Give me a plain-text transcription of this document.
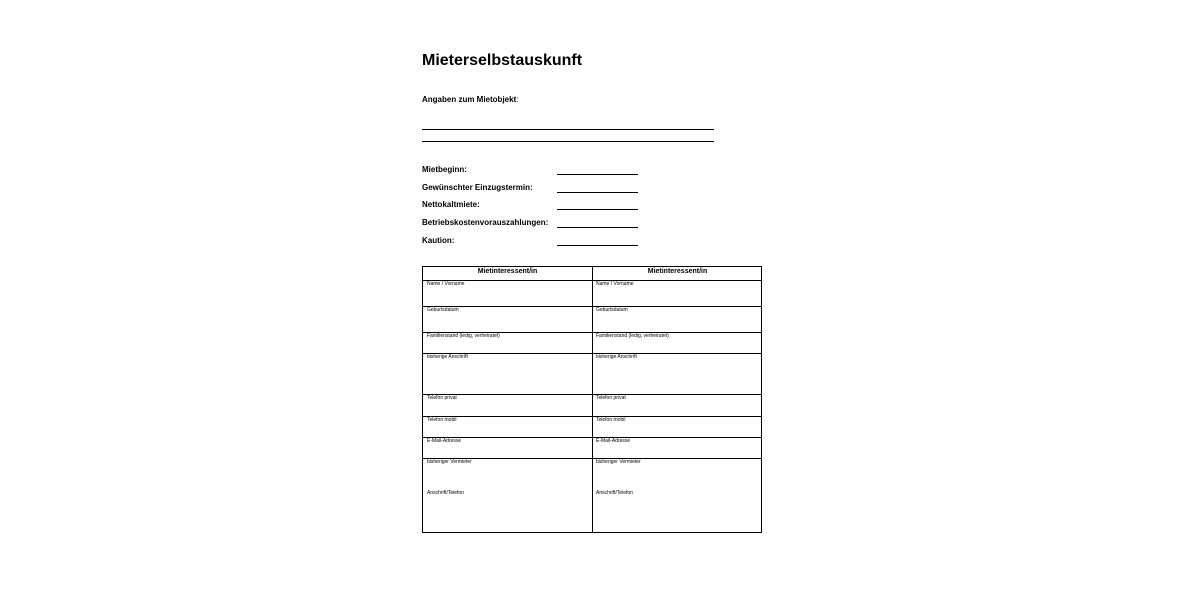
Mieterselbstauskunft
Angaben zum Mietobjekt:
Mietbeginn:
Gewünschter Einzugstermin:
Nettokaltmiete:
Betriebskostenvorauszahlungen:
Kaution:
Mietinteressent/in	Mietinteressent/in
Name / Vorname
Geburtsdatum
Familienstand (ledig, verheiratet)
bisherige Anschrift
Telefon privat
Telefon mobil
E-Mail-Adresse
bisheriger Vermieter
Anschrift/Telefon
Name / Vorname
Geburtsdatum
Familienstand (ledig, verheiratet)
bisherige Anschrift
Telefon privat
Telefon mobil
E-Mail-Adresse
bisheriger Vermieter
Anschrift/Telefon
